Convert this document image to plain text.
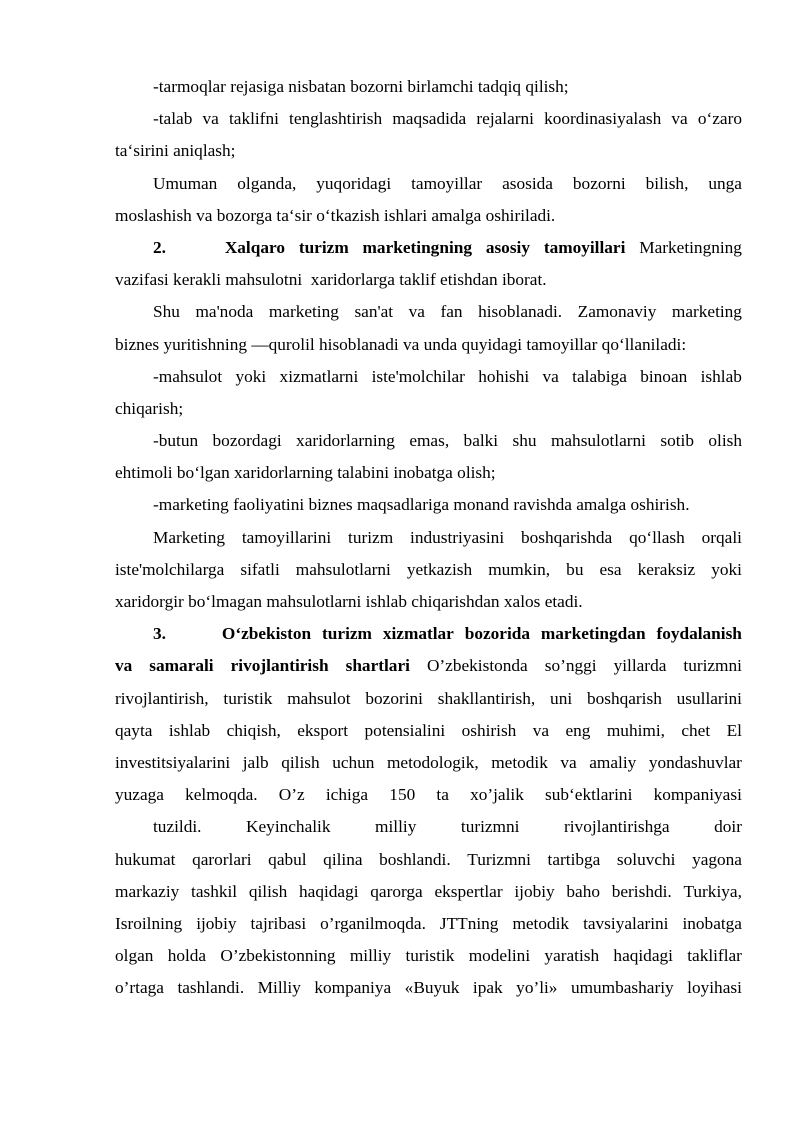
-tarmoqlar rejasiga nisbatan bozorni birlamchi tadqiq qilish;
-talab va taklifni tenglashtirish maqsadida rejalarni koordinasiyalash va o‘zaro
ta‘sirini aniqlash;
Umuman olganda, yuqoridagi tamoyillar asosida bozorni bilish, unga
moslashish va bozorga ta‘sir o‘tkazish ishlari amalga oshiriladi.
2.	Xalqaro turizm marketingning asosiy tamoyillari Marketingning
vazifasi kerakli mahsulotni  xaridorlarga taklif etishdan iborat.
Shu ma'noda marketing san'at va fan hisoblanadi. Zamonaviy marketing
biznes yuritishning ―qurolil hisoblanadi va unda quyidagi tamoyillar qo‘llaniladi:
-mahsulot yoki xizmatlarni iste'molchilar hohishi va talabiga binoan ishlab
chiqarish;
-butun bozordagi xaridorlarning emas, balki shu mahsulotlarni sotib olish
ehtimoli bo‘lgan xaridorlarning talabini inobatga olish;
-marketing faoliyatini biznes maqsadlariga monand ravishda amalga oshirish.
Marketing tamoyillarini turizm industriyasini boshqarishda qo‘llash orqali
iste'molchilarga sifatli mahsulotlarni yetkazish mumkin, bu esa keraksiz yoki
xaridorgir bo‘lmagan mahsulotlarni ishlab chiqarishdan xalos etadi.
3.	O‘zbekiston turizm xizmatlar bozorida marketingdan foydalanish
va samarali rivojlantirish shartlari O’zbekistonda so’nggi yillarda turizmni
rivojlantirish, turistik mahsulot bozorini shakllantirish, uni boshqarish usullarini
qayta ishlab chiqish, eksport potensialini oshirish va eng muhimi, chet El
investitsiyalarini jalb qilish uchun metodologik, metodik va amaliy yondashuvlar
yuzaga kelmoqda. O’z ichiga 150 ta xo’jalik sub‘ektlarini kompaniyasi
tuzildi.	Keyinchalik	milliy	turizmni	rivojlantirishga	doir
hukumat qarorlari qabul qilina boshlandi. Turizmni tartibga soluvchi yagona
markaziy tashkil qilish haqidagi qarorga ekspertlar ijobiy baho berishdi. Turkiya,
Isroilning ijobiy tajribasi o’rganilmoqda. JTTning metodik tavsiyalarini inobatga
olgan holda O’zbekistonning milliy turistik modelini yaratish haqidagi takliflar
o’rtaga tashlandi. Milliy kompaniya «Buyuk ipak yo’li» umumbashariy loyihasi
